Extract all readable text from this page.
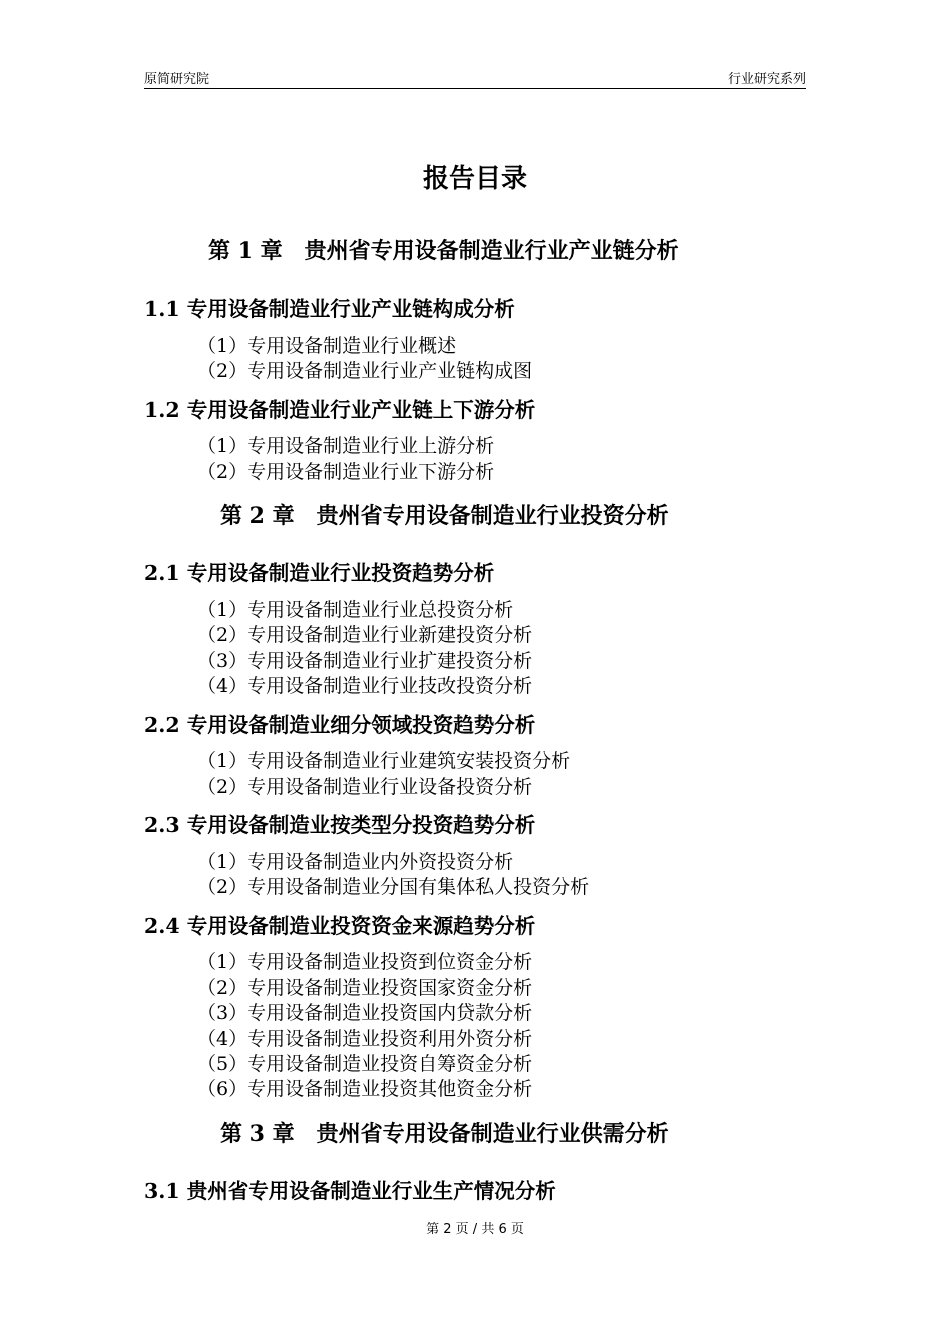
原简研究院	行业研究系列
报告目录
第 1 章　贵州省专用设备制造业行业产业链分析
1.1 专用设备制造业行业产业链构成分析
（1）专用设备制造业行业概述
（2）专用设备制造业行业产业链构成图
1.2 专用设备制造业行业产业链上下游分析
（1）专用设备制造业行业上游分析
（2）专用设备制造业行业下游分析
第 2 章　贵州省专用设备制造业行业投资分析
2.1 专用设备制造业行业投资趋势分析
（1）专用设备制造业行业总投资分析
（2）专用设备制造业行业新建投资分析
（3）专用设备制造业行业扩建投资分析
（4）专用设备制造业行业技改投资分析
2.2 专用设备制造业细分领域投资趋势分析
（1）专用设备制造业行业建筑安装投资分析
（2）专用设备制造业行业设备投资分析
2.3 专用设备制造业按类型分投资趋势分析
（1）专用设备制造业内外资投资分析
（2）专用设备制造业分国有集体私人投资分析
2.4 专用设备制造业投资资金来源趋势分析
（1）专用设备制造业投资到位资金分析
（2）专用设备制造业投资国家资金分析
（3）专用设备制造业投资国内贷款分析
（4）专用设备制造业投资利用外资分析
（5）专用设备制造业投资自筹资金分析
（6）专用设备制造业投资其他资金分析
第 3 章　贵州省专用设备制造业行业供需分析
3.1 贵州省专用设备制造业行业生产情况分析
第 2 页 / 共 6 页
